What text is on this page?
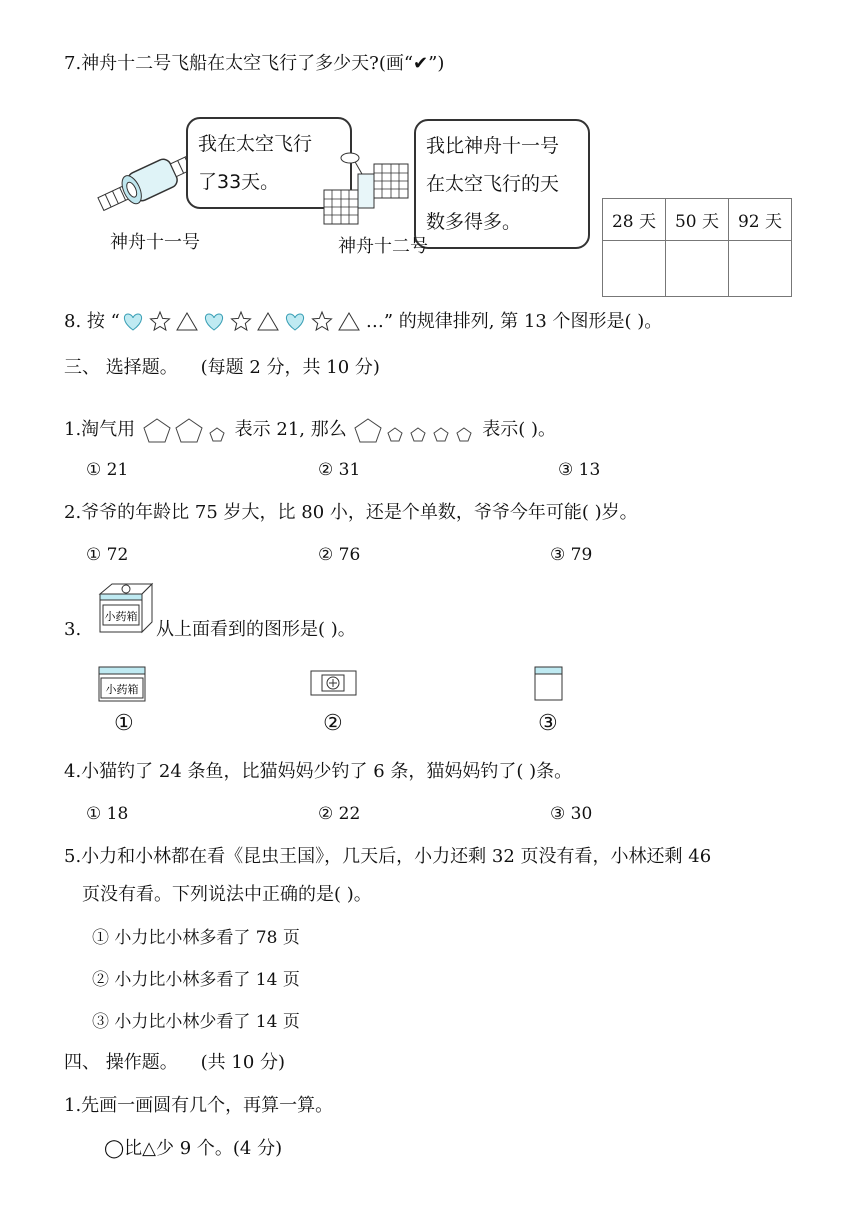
7.神舟十二号飞船在太空飞行了多少天?(画“✔”)
我在太空飞行
了33天。
神舟十一号
我比神舟十一号
在太空飞行的天
数多得多。
神舟十二号
28 天	50 天	92 天

8. 按 “	…” 的规律排列, 第 13 个图形是( )。
三、 选择题。 (每题 2 分，共 10 分)
1.淘气用	表示 21, 那么	表示( )。
① 21	② 31	③ 13
2.爷爷的年龄比 75 岁大，比 80 小，还是个单数，爷爷今年可能( )岁。
① 72	② 76	③ 79
3.
小药箱
从上面看到的图形是( )。
小药箱
①	②	③
4.小猫钓了 24 条鱼，比猫妈妈少钓了 6 条，猫妈妈钓了( )条。
① 18	② 22	③ 30
5.小力和小林都在看《昆虫王国》，几天后，小力还剩 32 页没有看，小林还剩 46
页没有看。下列说法中正确的是( )。
① 小力比小林多看了 78 页
② 小力比小林多看了 14 页
③ 小力比小林少看了 14 页
四、 操作题。 (共 10 分)
1.先画一画圆有几个，再算一算。
◯比△少 9 个。(4 分)
